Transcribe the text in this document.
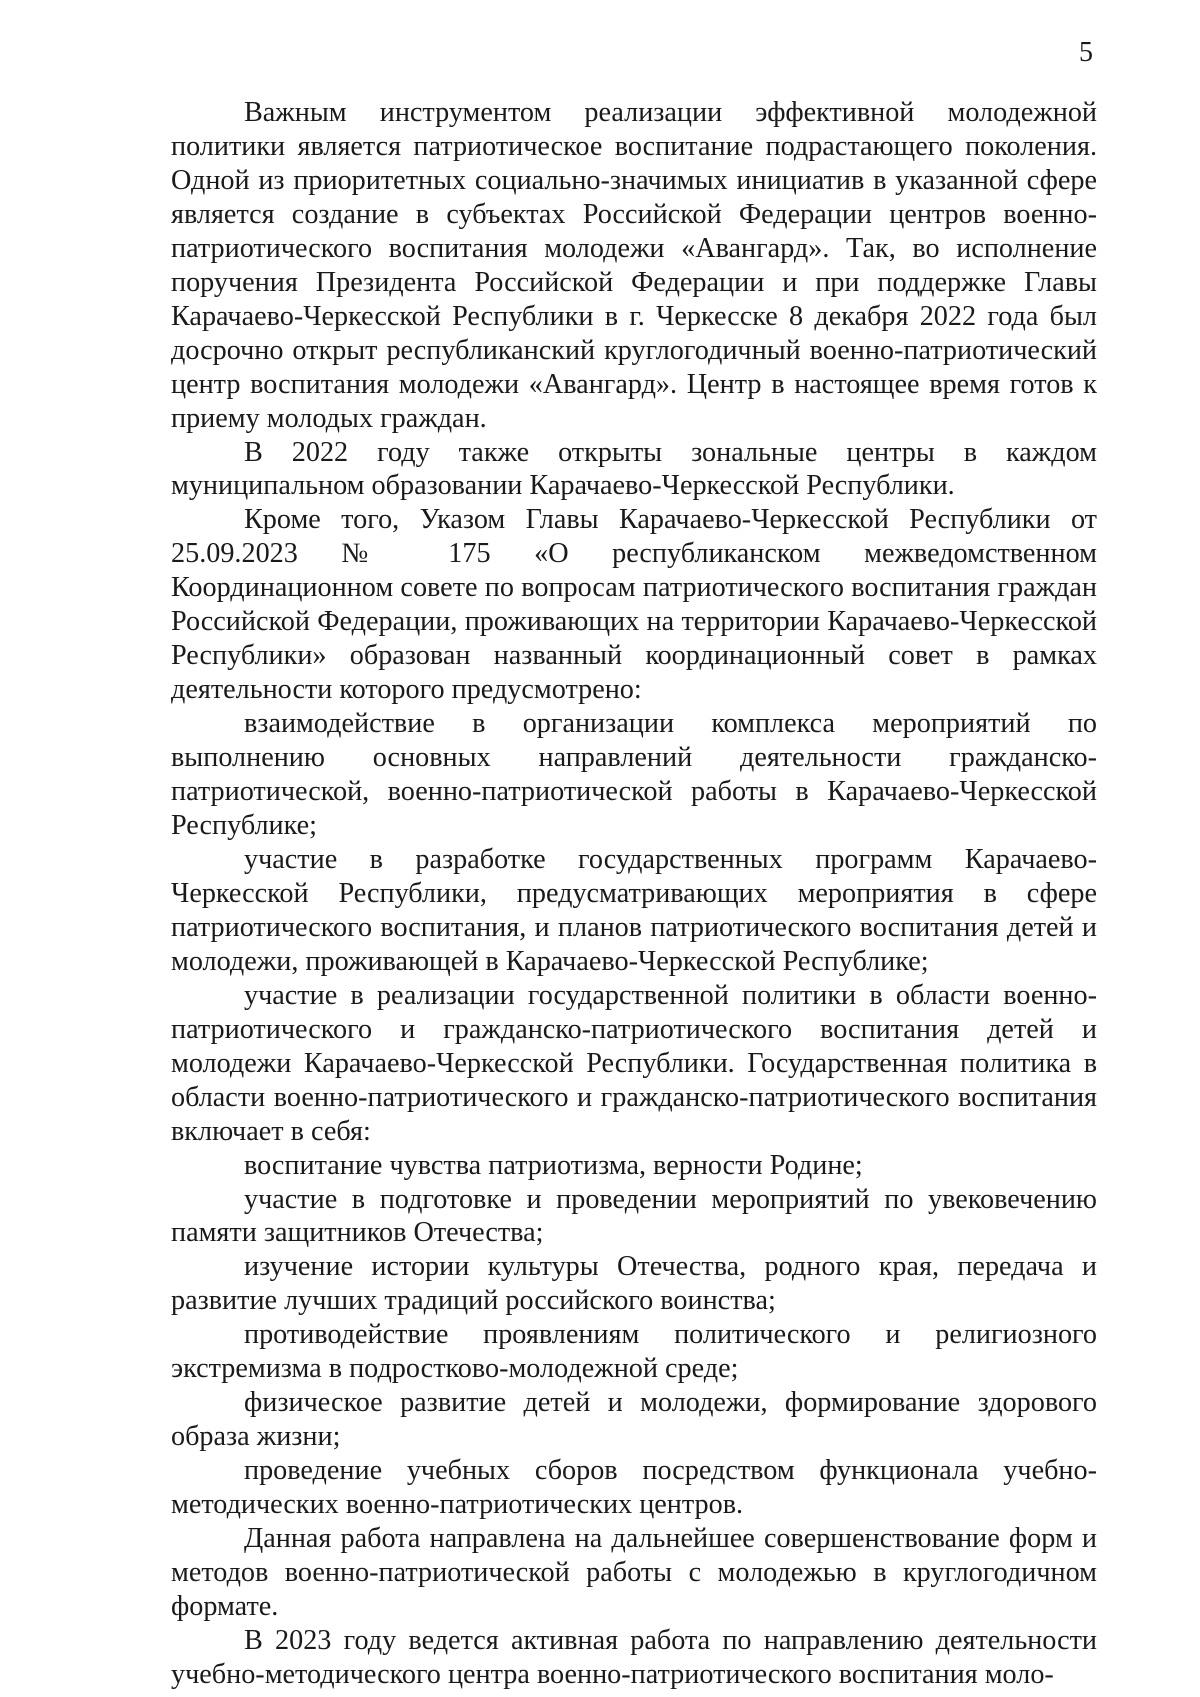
5

Важным инструментом реализации эффективной молодежной политики является патриотическое воспитание подрастающего поколения. Одной из приоритетных социально-значимых инициатив в указанной сфере является создание в субъектах Российской Федерации центров военно-патриотического воспитания молодежи «Авангард». Так, во исполнение поручения Президента Российской Федерации и при поддержке Главы Карачаево-Черкесской Республики в г. Черкесске 8 декабря 2022 года был досрочно открыт республиканский круглогодичный военно-патриотический центр воспитания молодежи «Авангард». Центр в настоящее время готов к приему молодых граждан.

В 2022 году также открыты зональные центры в каждом муниципальном образовании Карачаево-Черкесской Республики.

Кроме того, Указом Главы Карачаево-Черкесской Республики от 25.09.2023 № 175 «О республиканском межведомственном Координационном совете по вопросам патриотического воспитания граждан Российской Федерации, проживающих на территории Карачаево-Черкесской Республики» образован названный координационный совет в рамках деятельности которого предусмотрено:

взаимодействие в организации комплекса мероприятий по выполнению основных направлений деятельности гражданско-патриотической, военно-патриотической работы в Карачаево-Черкесской Республике;

участие в разработке государственных программ Карачаево-Черкесской Республики, предусматривающих мероприятия в сфере патриотического воспитания, и планов патриотического воспитания детей и молодежи, проживающей в Карачаево-Черкесской Республике;

участие в реализации государственной политики в области военно-патриотического и гражданско-патриотического воспитания детей и молодежи Карачаево-Черкесской Республики. Государственная политика в области военно-патриотического и гражданско-патриотического воспитания включает в себя:

воспитание чувства патриотизма, верности Родине;

участие в подготовке и проведении мероприятий по увековечению памяти защитников Отечества;

изучение истории культуры Отечества, родного края, передача и развитие лучших традиций российского воинства;

противодействие проявлениям политического и религиозного экстремизма в подростково-молодежной среде;

физическое развитие детей и молодежи, формирование здорового образа жизни;

проведение учебных сборов посредством функционала учебно-методических военно-патриотических центров.

Данная работа направлена на дальнейшее совершенствование форм и методов военно-патриотической работы с молодежью в круглогодичном формате.

В 2023 году ведется активная работа по направлению деятельности учебно-методического центра военно-патриотического воспитания моло-
